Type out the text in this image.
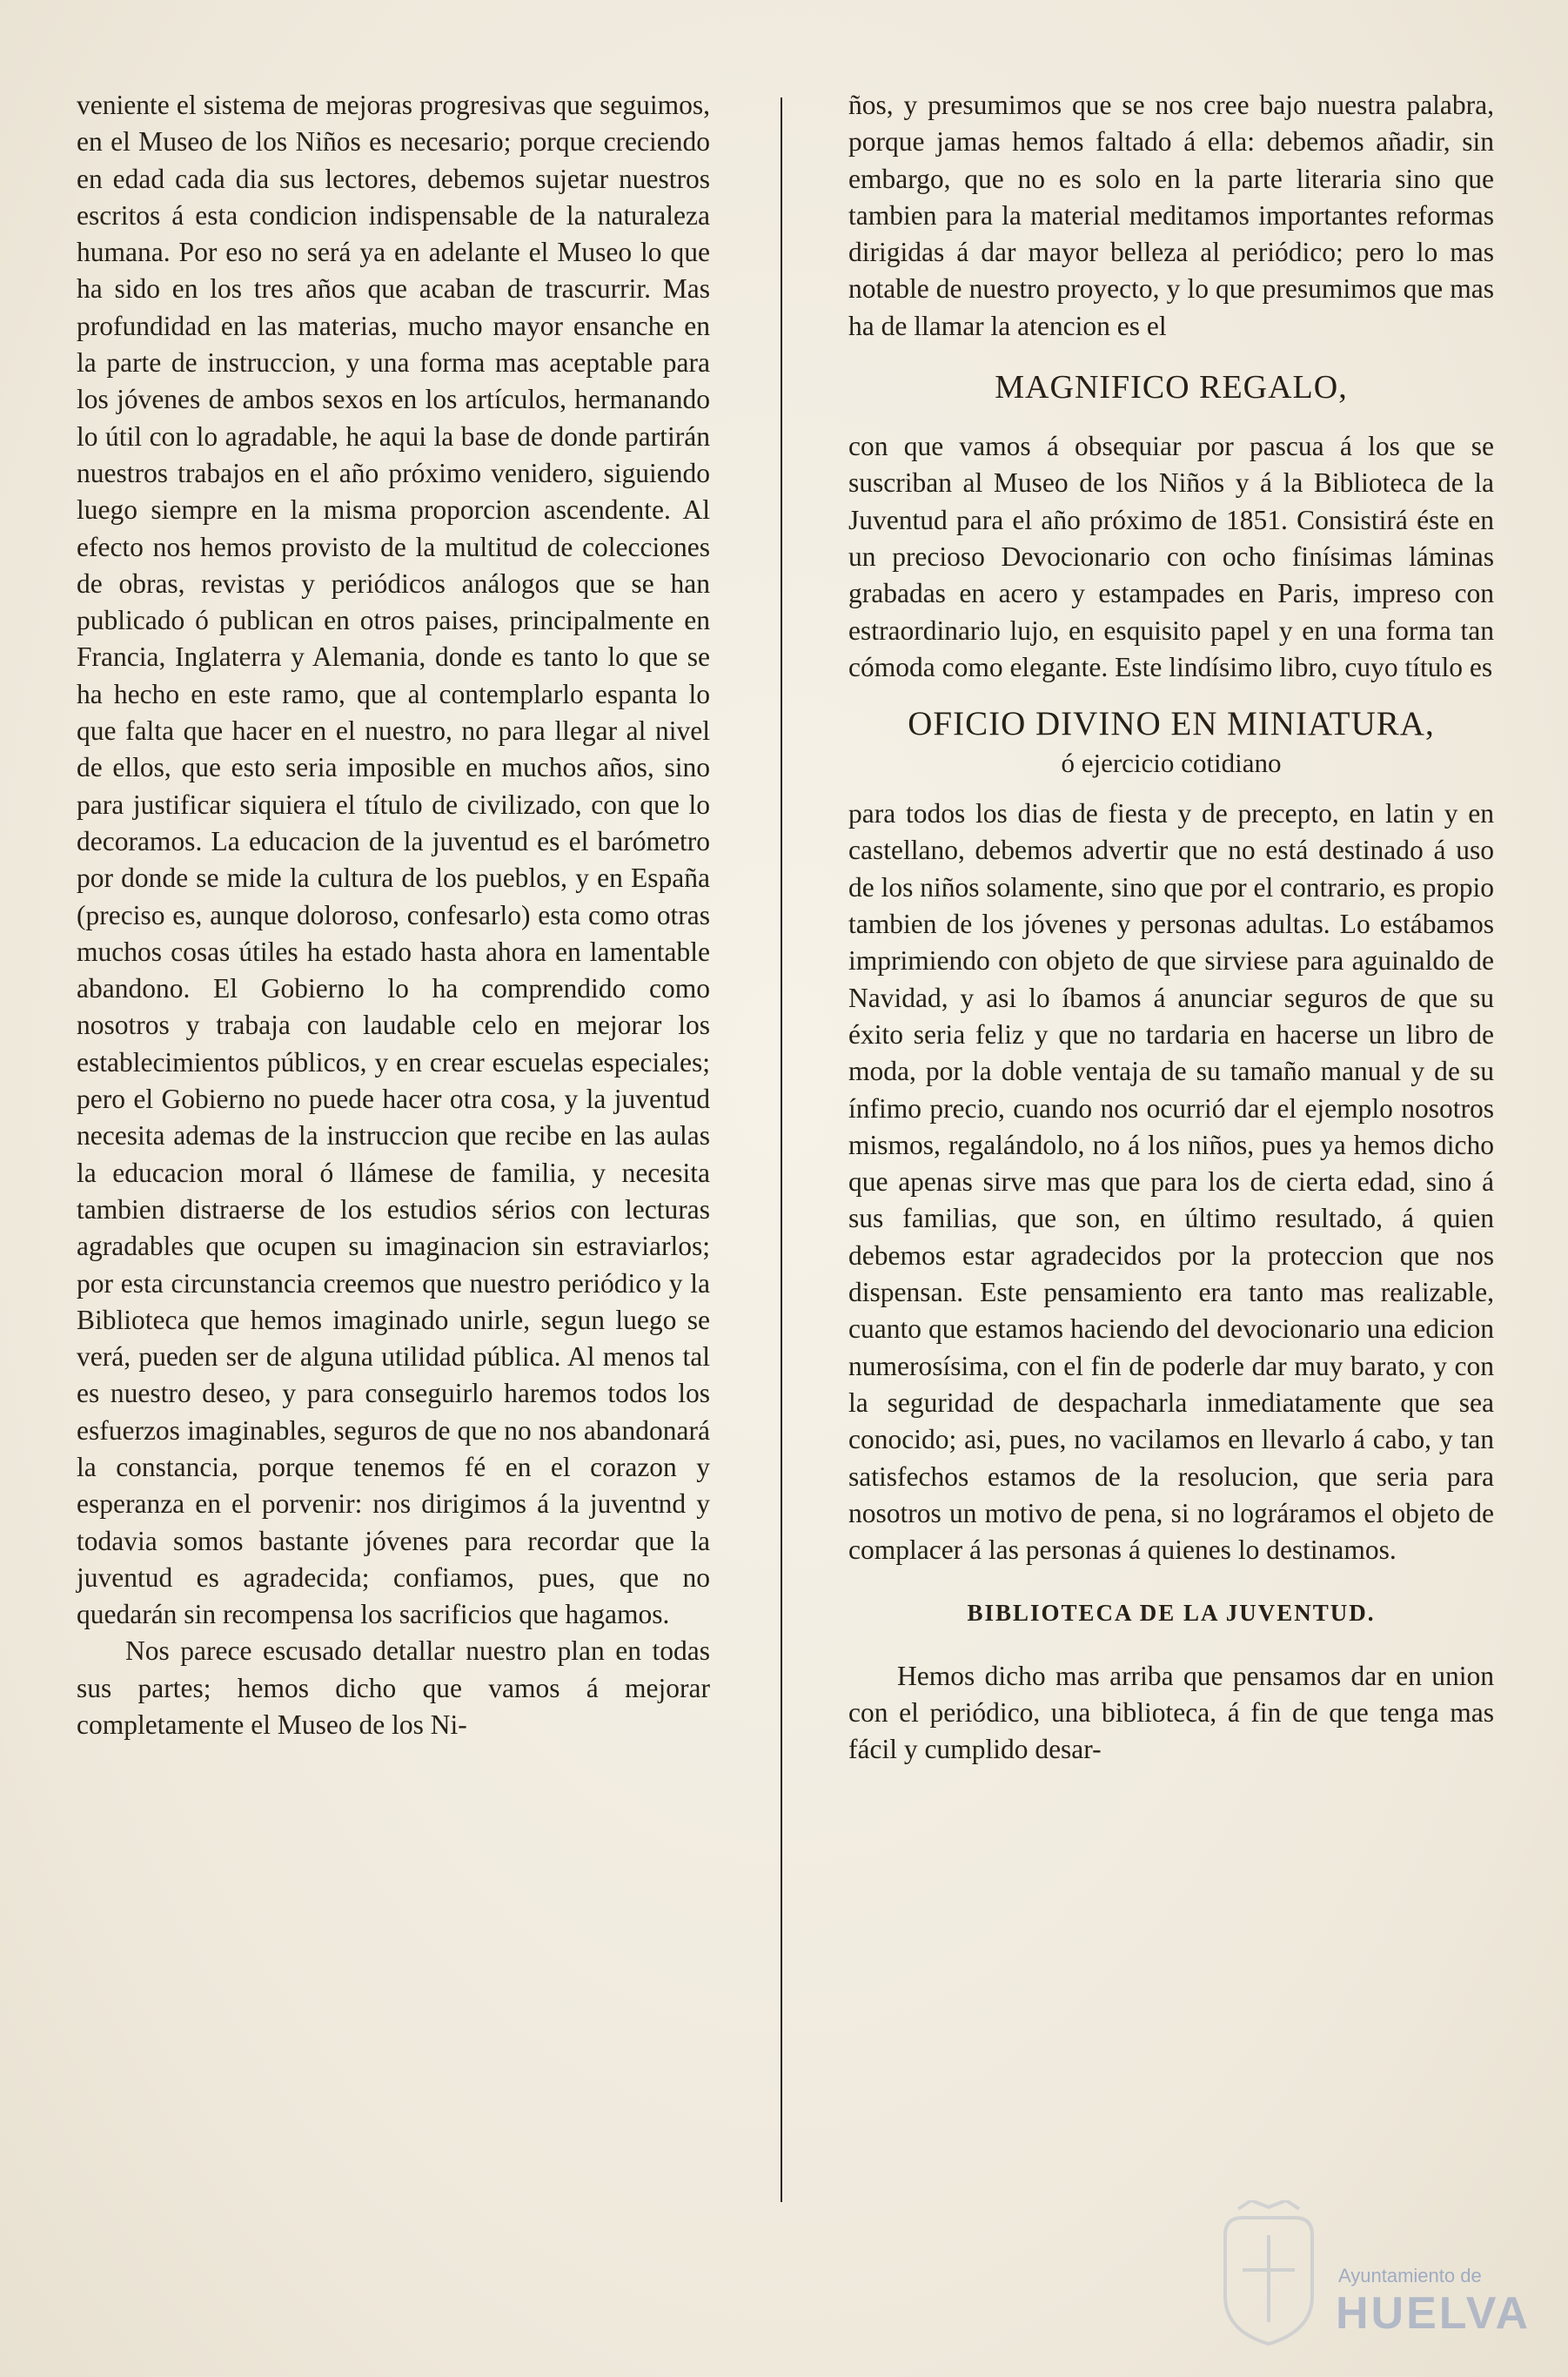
veniente el sistema de mejoras progresivas que seguimos, en el Museo de los Niños es necesario; porque creciendo en edad cada dia sus lectores, debemos sujetar nuestros escritos á esta condicion indispensable de la naturaleza humana. Por eso no será ya en adelante el Museo lo que ha sido en los tres años que acaban de trascurrir. Mas profundidad en las materias, mucho mayor ensanche en la parte de instruccion, y una forma mas aceptable para los jóvenes de ambos sexos en los artículos, hermanando lo útil con lo agradable, he aqui la base de donde partirán nuestros trabajos en el año próximo venidero, siguiendo luego siempre en la misma proporcion ascendente. Al efecto nos hemos provisto de la multitud de colecciones de obras, revistas y periódicos análogos que se han publicado ó publican en otros paises, principalmente en Francia, Inglaterra y Alemania, donde es tanto lo que se ha hecho en este ramo, que al contemplarlo espanta lo que falta que hacer en el nuestro, no para llegar al nivel de ellos, que esto seria imposible en muchos años, sino para justificar siquiera el título de civilizado, con que lo decoramos. La educacion de la juventud es el barómetro por donde se mide la cultura de los pueblos, y en España (preciso es, aunque doloroso, confesarlo) esta como otras muchos cosas útiles ha estado hasta ahora en lamentable abandono. El Gobierno lo ha comprendido como nosotros y trabaja con laudable celo en mejorar los establecimientos públicos, y en crear escuelas especiales; pero el Gobierno no puede hacer otra cosa, y la juventud necesita ademas de la instruccion que recibe en las aulas la educacion moral ó llámese de familia, y necesita tambien distraerse de los estudios sérios con lecturas agradables que ocupen su imaginacion sin estraviarlos; por esta circunstancia creemos que nuestro periódico y la Biblioteca que hemos imaginado unirle, segun luego se verá, pueden ser de alguna utilidad pública. Al menos tal es nuestro deseo, y para conseguirlo haremos todos los esfuerzos imaginables, seguros de que no nos abandonará la constancia, porque tenemos fé en el corazon y esperanza en el porvenir: nos dirigimos á la juventnd y todavia somos bastante jóvenes para recordar que la juventud es agradecida; confiamos, pues, que no quedarán sin recompensa los sacrificios que hagamos.

Nos parece escusado detallar nuestro plan en todas sus partes; hemos dicho que vamos á mejorar completamente el Museo de los Ni-

ños, y presumimos que se nos cree bajo nuestra palabra, porque jamas hemos faltado á ella: debemos añadir, sin embargo, que no es solo en la parte literaria sino que tambien para la material meditamos importantes reformas dirigidas á dar mayor belleza al periódico; pero lo mas notable de nuestro proyecto, y lo que presumimos que mas ha de llamar la atencion es el

MAGNIFICO REGALO,

con que vamos á obsequiar por pascua á los que se suscriban al Museo de los Niños y á la Biblioteca de la Juventud para el año próximo de 1851. Consistirá éste en un precioso Devocionario con ocho finísimas láminas grabadas en acero y estampades en Paris, impreso con estraordinario lujo, en esquisito papel y en una forma tan cómoda como elegante. Este lindísimo libro, cuyo título es

OFICIO DIVINO EN MINIATURA,
ó ejercicio cotidiano

para todos los dias de fiesta y de precepto, en latin y en castellano, debemos advertir que no está destinado á uso de los niños solamente, sino que por el contrario, es propio tambien de los jóvenes y personas adultas. Lo estábamos imprimiendo con objeto de que sirviese para aguinaldo de Navidad, y asi lo íbamos á anunciar seguros de que su éxito seria feliz y que no tardaria en hacerse un libro de moda, por la doble ventaja de su tamaño manual y de su ínfimo precio, cuando nos ocurrió dar el ejemplo nosotros mismos, regalándolo, no á los niños, pues ya hemos dicho que apenas sirve mas que para los de cierta edad, sino á sus familias, que son, en último resultado, á quien debemos estar agradecidos por la proteccion que nos dispensan. Este pensamiento era tanto mas realizable, cuanto que estamos haciendo del devocionario una edicion numerosísima, con el fin de poderle dar muy barato, y con la seguridad de despacharla inmediatamente que sea conocido; asi, pues, no vacilamos en llevarlo á cabo, y tan satisfechos estamos de la resolucion, que seria para nosotros un motivo de pena, si no lográramos el objeto de complacer á las personas á quienes lo destinamos.

BIBLIOTECA DE LA JUVENTUD.

Hemos dicho mas arriba que pensamos dar en union con el periódico, una biblioteca, á fin de que tenga mas fácil y cumplido desar-

Ayuntamiento de
HUELVA
